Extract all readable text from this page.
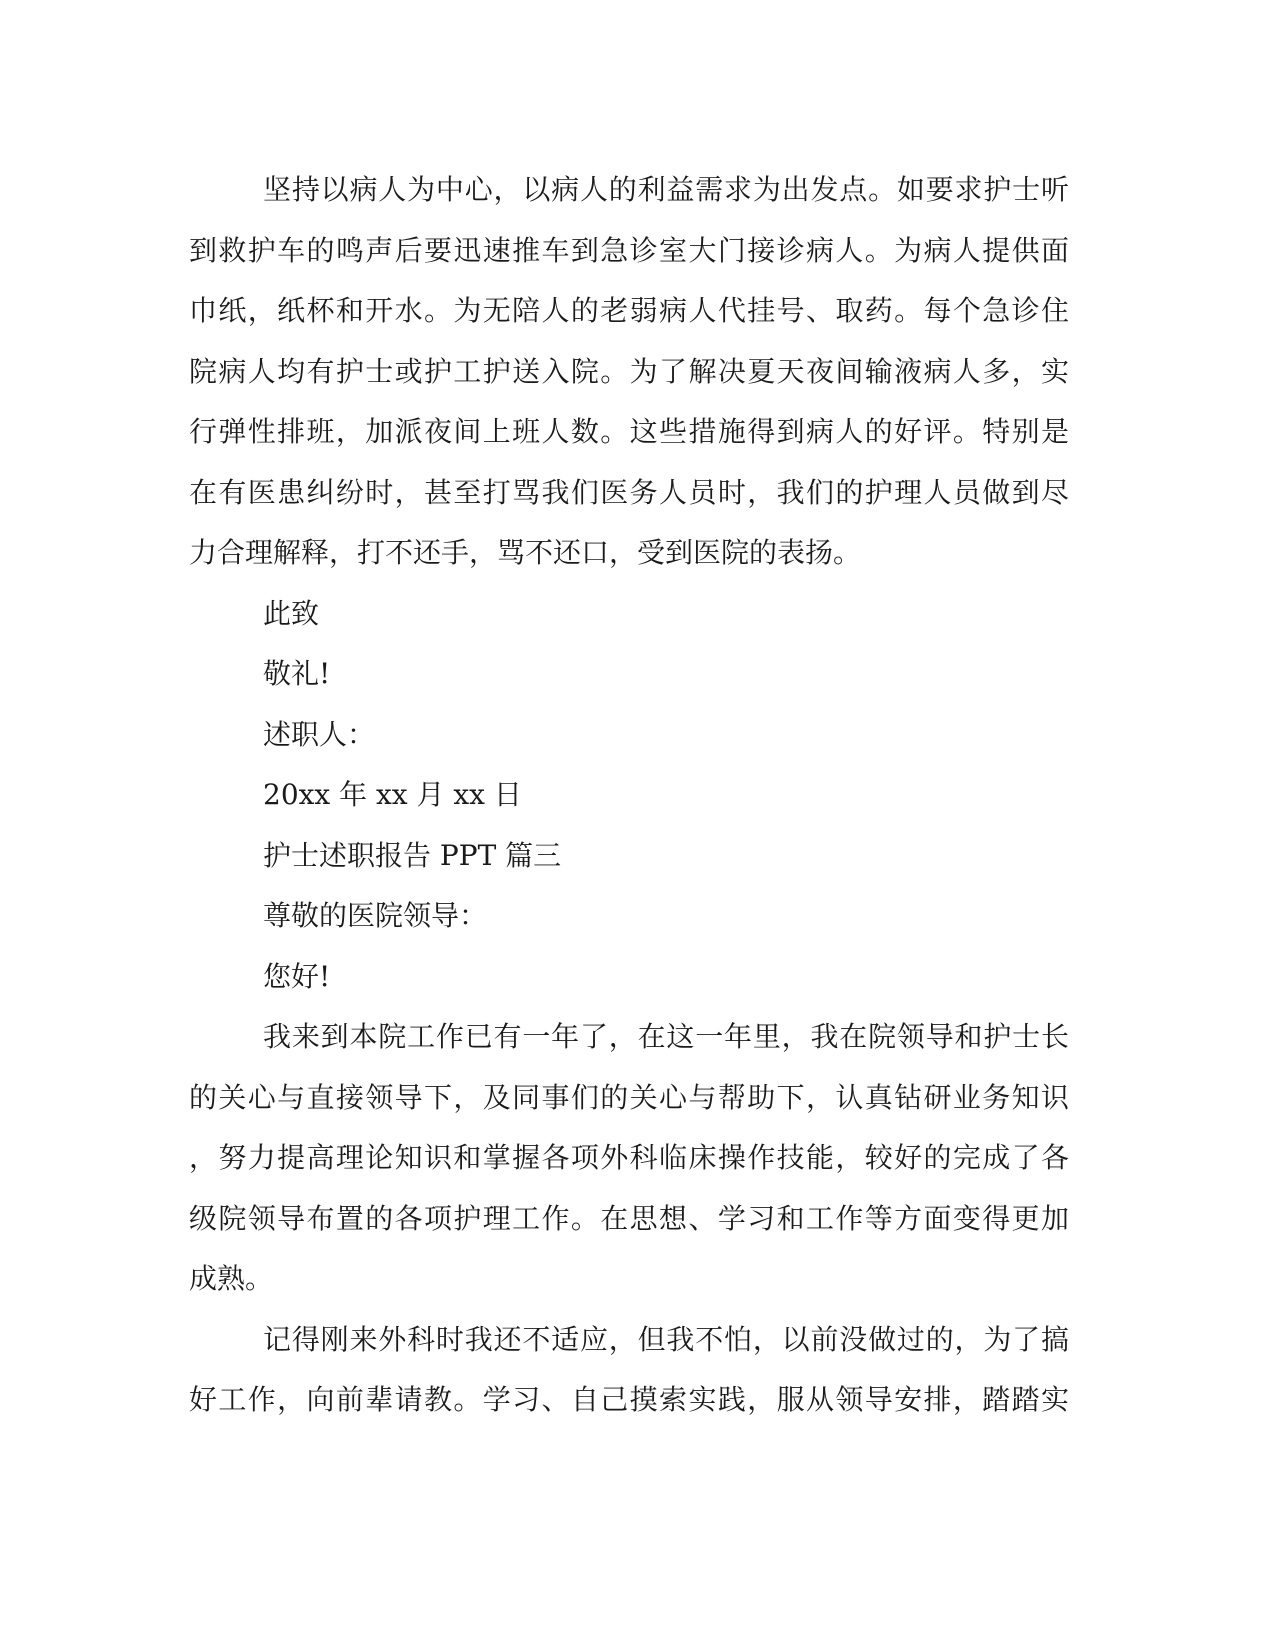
坚持以病人为中心，以病人的利益需求为出发点。如要求护士听
到救护车的鸣声后要迅速推车到急诊室大门接诊病人。为病人提供面
巾纸，纸杯和开水。为无陪人的老弱病人代挂号、取药。每个急诊住
院病人均有护士或护工护送入院。为了解决夏天夜间输液病人多，实
行弹性排班，加派夜间上班人数。这些措施得到病人的好评。特别是
在有医患纠纷时，甚至打骂我们医务人员时，我们的护理人员做到尽
力合理解释，打不还手，骂不还口，受到医院的表扬。
此致
敬礼!
述职人：
20xx 年 xx 月 xx 日
护士述职报告 PPT 篇三
尊敬的医院领导：
您好!
我来到本院工作已有一年了，在这一年里，我在院领导和护士长
的关心与直接领导下，及同事们的关心与帮助下，认真钻研业务知识
，努力提高理论知识和掌握各项外科临床操作技能，较好的完成了各
级院领导布置的各项护理工作。在思想、学习和工作等方面变得更加
成熟。
记得刚来外科时我还不适应，但我不怕，以前没做过的，为了搞
好工作，向前辈请教。学习、自己摸索实践，服从领导安排，踏踏实
